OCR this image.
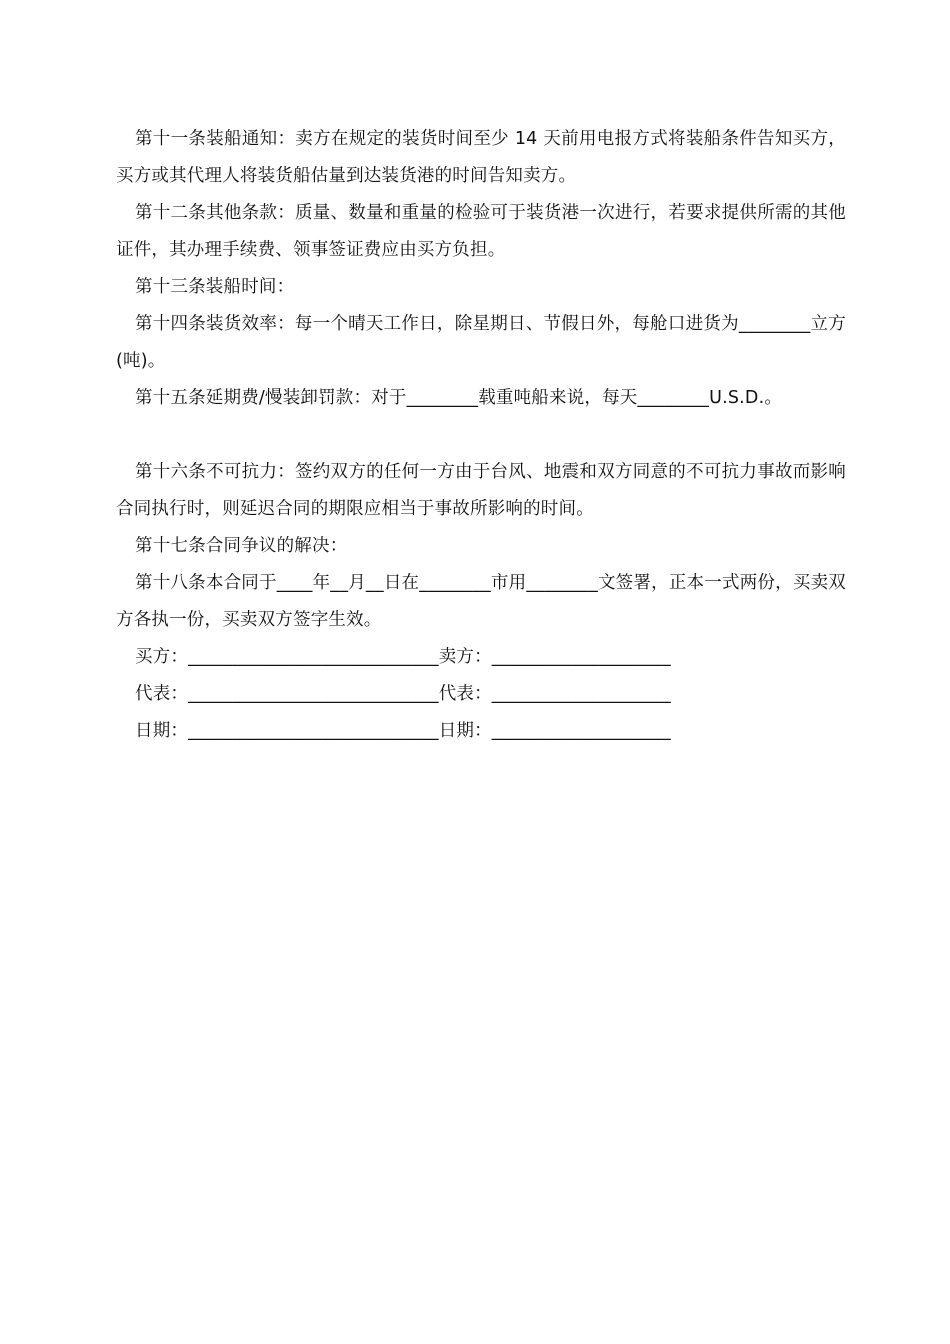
第十一条装船通知：卖方在规定的装货时间至少 14 天前用电报方式将装船条件告知买方，买方或其代理人将装货船估量到达装货港的时间告知卖方。

第十二条其他条款：质量、数量和重量的检验可于装货港一次进行，若要求提供所需的其他证件，其办理手续费、领事签证费应由买方负担。

第十三条装船时间：

第十四条装货效率：每一个晴天工作日，除星期日、节假日外，每舱口进货为________立方(吨)。

第十五条延期费/慢装卸罚款：对于________载重吨船来说，每天________U.S.D.。

第十六条不可抗力：签约双方的任何一方由于台风、地震和双方同意的不可抗力事故而影响合同执行时，则延迟合同的期限应相当于事故所影响的时间。

第十七条合同争议的解决：

第十八条本合同于____年__月__日在________市用________文签署，正本一式两份，买卖双方各执一份，买卖双方签字生效。

买方：____________________________卖方：____________________

代表：____________________________代表：____________________

日期：____________________________日期：____________________
